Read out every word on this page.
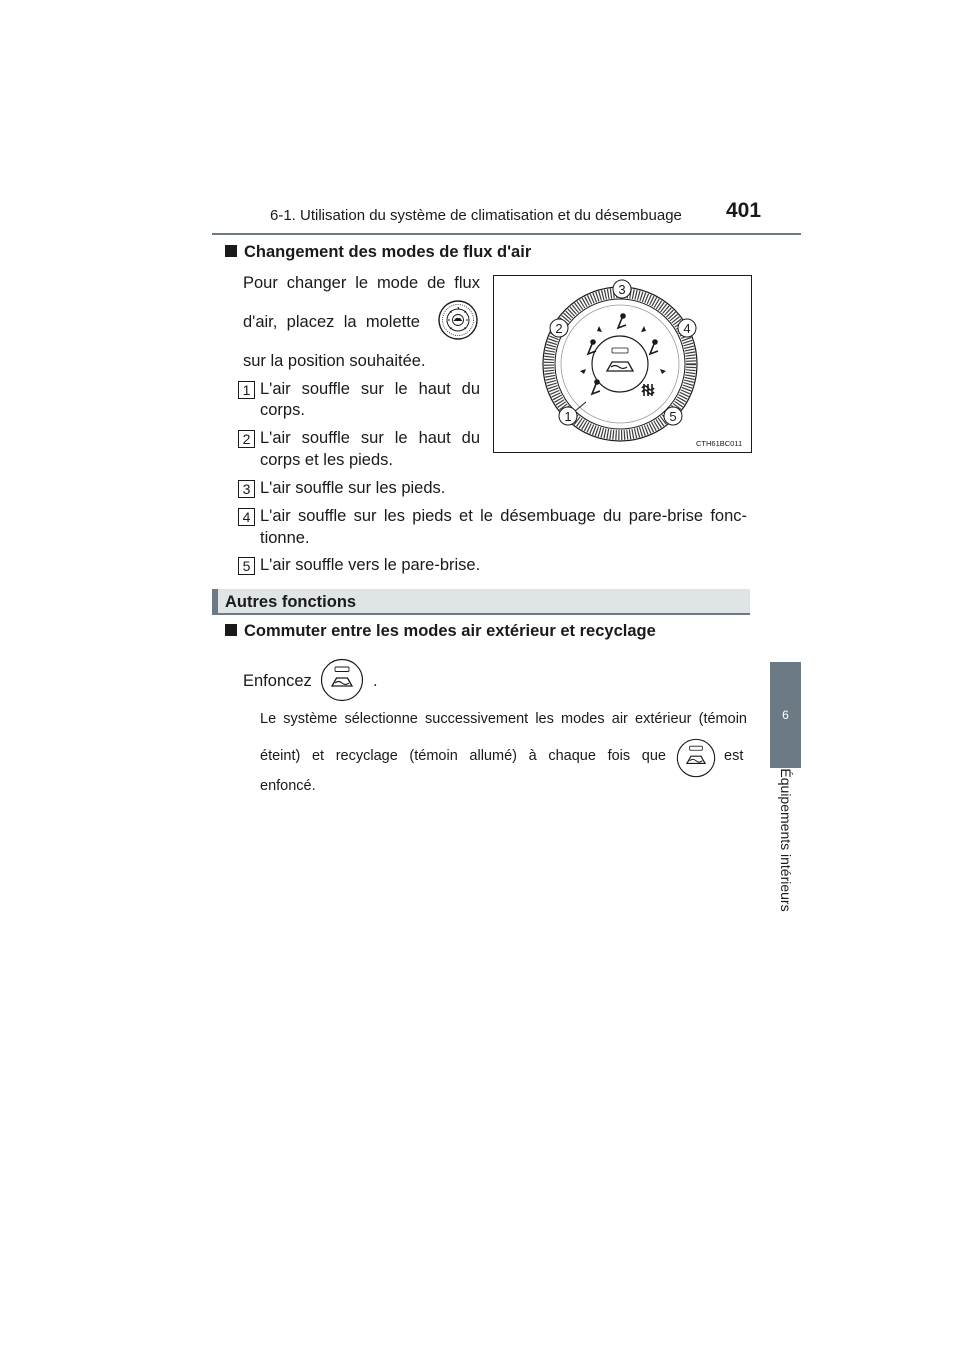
6-1. Utilisation du système de climatisation et du désembuage 401
6
Équipements intérieurs
Changement des modes de flux d'air
Pour changer le mode de flux
d'air, placez la molette
sur la position souhaitée.
1 L'air souffle sur le haut du
corps.
2 L'air souffle sur le haut du
corps et les pieds.
3 L'air souffle sur les pieds.
4 L'air souffle sur les pieds et le désembuage du pare-brise fonc-
tionne.
5 L'air souffle vers le pare-brise.
1
2
3
4
5
CTH61BC011
Autres fonctions
Commuter entre les modes air extérieur et recyclage
Enfoncez	.
Le système sélectionne successivement les modes air extérieur (témoin
éteint) et recyclage (témoin allumé) à chaque fois que	est
enfoncé.
